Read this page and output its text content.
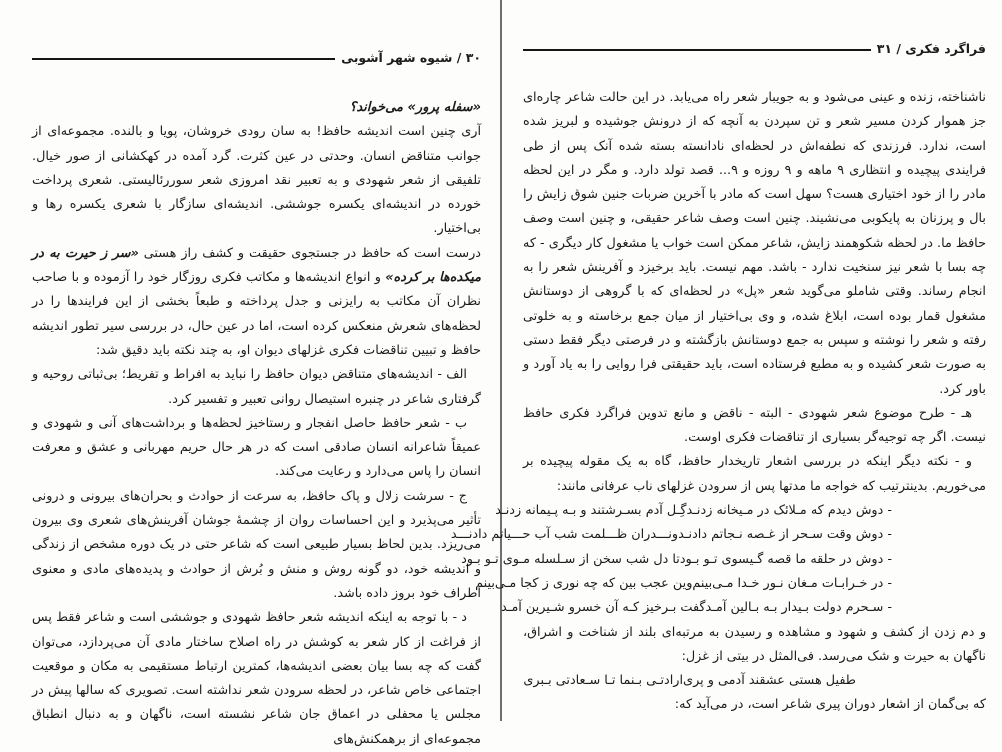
۳۰ / شیوه شهر آشوبی

«سفله پرور» می‌خواند؟

آری چنین است اندیشه حافظ! به سان رودی خروشان، پویا و بالنده. مجموعه‌ای از جوانب متناقض انسان. وحدتی در عین کثرت. گرد آمده در کهکشانی از صور خیال. تلفیقی از شعر شهودی و به تعبیر نقد امروزی شعر سوررئالیستی. شعری پرداخت خورده در اندیشه‌ای یکسره جوششی. اندیشه‌ای سازگار با شعری یکسره رها و بی‌اختیار.

درست است که حافظ در جستجوی حقیقت و کشف راز هستی «سر ز حیرت به در میکده‌ها بر کرده» و انواع اندیشه‌ها و مکاتب فکری روزگار خود را آزموده و با صاحب نظران آن مکاتب به رایزنی و جدل پرداخته و طبعاً بخشی از این فرایندها را در لحظه‌های شعرش منعکس کرده است، اما در عین حال، در بررسی سیر تطور اندیشه حافظ و تبیین تناقضات فکری غزلهای دیوان او، به چند نکته باید دقیق شد:

الف - اندیشه‌های متناقض دیوان حافظ را نباید به افراط و تفریط؛ بی‌ثباتی روحیه و گرفتاری شاعر در چنبره استیصال روانی تعبیر و تفسیر کرد.

ب - شعر حافظ حاصل انفجار و رستاخیز لحظه‌ها و برداشت‌های آنی و شهودی و عمیقاً شاعرانه انسان صادقی است که در هر حال حریم مهربانی و عشق و معرفت انسان را پاس می‌دارد و رعایت می‌کند.

ج - سرشت زلال و پاک حافظ، به سرعت از حوادث و بحران‌های بیرونی و درونی تأثیر می‌پذیرد و این احساسات روان از چشمهٔ جوشان آفرینش‌های شعری وی بیرون می‌ریزد. بدین لحاظ بسیار طبیعی است که شاعر حتی در یک دوره مشخص از زندگی و اندیشه خود، دو گونه روش و منش و بُرش از حوادث و پدیده‌های مادی و معنوی اطراف خود بروز داده باشد.

د - با توجه به اینکه اندیشه شعر حافظ شهودی و جوششی است و شاعر فقط پس از فراغت از کار شعر به کوشش در راه اصلاح ساختار مادی آن می‌پردازد، می‌توان گفت که چه بسا بیان بعضی اندیشه‌ها، کمترین ارتباط مستقیمی به مکان و موقعیت اجتماعی خاص شاعر، در لحظه سرودن شعر نداشته است. تصویری که سالها پیش در مجلس یا محفلی در اعماق جان شاعر نشسته است، ناگهان و به دنبال انطباق مجموعه‌ای از برهمکنش‌های

فراگرد فکری / ۳۱

ناشناخته، زنده و عینی می‌شود و به جویبار شعر راه می‌یابد. در این حالت شاعر چاره‌ای جز هموار کردن مسیر شعر و تن سپردن به آنچه که از درونش جوشیده و لبریز شده است، ندارد. فرزندی که نطفه‌اش در لحظه‌ای نادانسته بسته شده آنک پس از طی فرایندی پیچیده و انتظاری ۹ ماهه و ۹ روزه و ۹... قصد تولد دارد. و مگر در این لحظه مادر را از خود اختیاری هست؟ سهل است که مادر با آخرین ضربات جنین شوق زایش را بال و پرزنان به پایکوبی می‌نشیند. چنین است وصف شاعر حقیقی، و چنین است وصف حافظ ما. در لحظه شکوهمند زایش، شاعر ممکن است خواب یا مشغول کار دیگری - که چه بسا با شعر نیز سنخیت ندارد - باشد. مهم نیست. باید برخیزد و آفرینش شعر را به انجام رساند. وقتی شاملو می‌گوید شعر «پل» در لحظه‌ای که با گروهی از دوستانش مشغول قمار بوده است، ابلاغ شده، و وی بی‌اختیار از میان جمع برخاسته و به خلوتی رفته و شعر را نوشته و سپس به جمع دوستانش بازگشته و در فرصتی دیگر فقط دستی به صورت شعر کشیده و به مطبع فرستاده است، باید حقیقتی فرا روایی را به یاد آورد و باور کرد.

هـ - طرح موضوع شعر شهودی - البته - ناقض و مانع تدوین فراگرد فکری حافظ نیست. اگر چه توجیه‌گر بسیاری از تناقضات فکری اوست.

و - نکته دیگر اینکه در بررسی اشعار تاریخدار حافظ، گاه به یک مقوله پیچیده بر می‌خوریم. بدینترتیب که خواجه ما مدتها پس از سرودن غزلهای ناب عرفانی مانند:

- دوش دیدم که مـلائک در مـیخانه زدنـد
گِـل آدم بسـرشتند و بـه پـیمانه زدنـد
- دوش وقت سـحر از غـصه نـجاتم دادنـد
ونـــدران ظـــلمت شب آب حـــیاتم دادنـــد
- دوش در حلقه ما قصه گـیسوی تـو بـود
تا دل شب سخن از سـلسله مـوی تـو بـود
- در خـرابـات مـغان نـور خـدا مـی‌بینم
وین عجب بین که چه نوری ز کجا مـی‌بینم
- سـحرم دولت بـیدار بـه بـالین آمـد
گفت بـرخیز کـه آن خسرو شـیرین آمـد

و دم زدن از کشف و شهود و مشاهده و رسیدن به مرتبه‌ای بلند از شناخت و اشراق، ناگهان به حیرت و شک می‌رسد. فی‌المثل در بیتی از غزل:

طفیل هستی عشقند آدمی و پری
ارادتـی بـنما تـا سـعادتی بـبری

که بی‌گمان از اشعار دوران پیری شاعر است، در می‌آید که:
